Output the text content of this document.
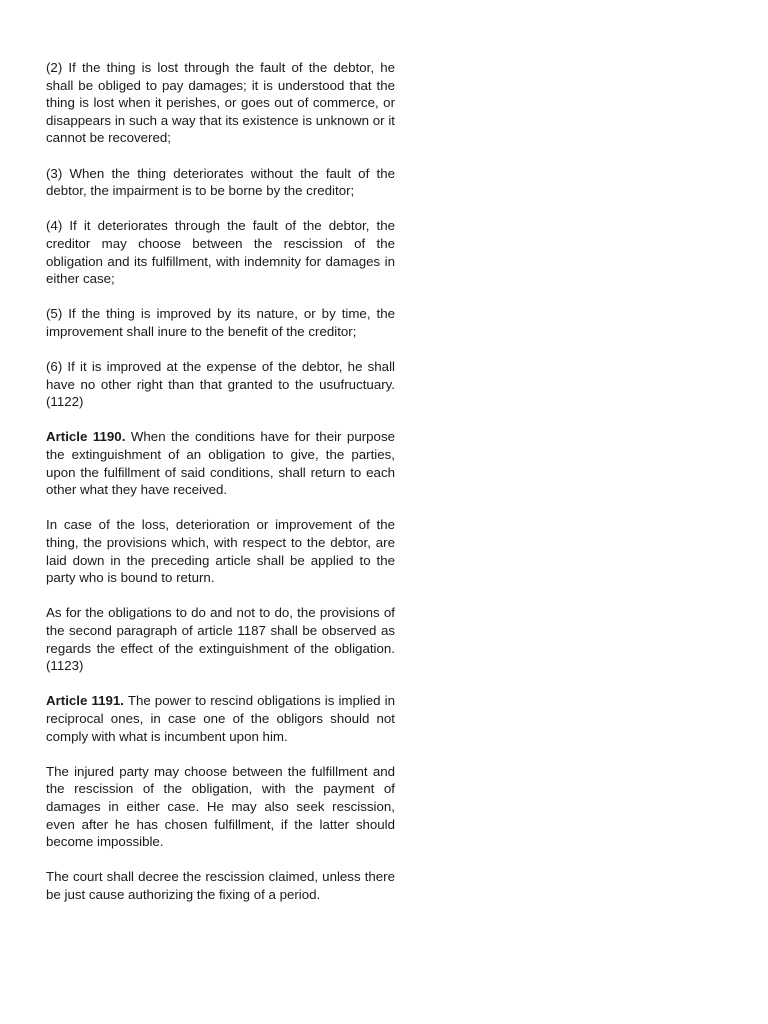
(2) If the thing is lost through the fault of the debtor, he shall be obliged to pay damages; it is understood that the thing is lost when it perishes, or goes out of commerce, or disappears in such a way that its existence is unknown or it cannot be recovered;

(3) When the thing deteriorates without the fault of the debtor, the impairment is to be borne by the creditor;

(4) If it deteriorates through the fault of the debtor, the creditor may choose between the rescission of the obligation and its fulfillment, with indemnity for damages in either case;

(5) If the thing is improved by its nature, or by time, the improvement shall inure to the benefit of the creditor;

(6) If it is improved at the expense of the debtor, he shall have no other right than that granted to the usufructuary. (1122)

Article 1190. When the conditions have for their purpose the extinguishment of an obligation to give, the parties, upon the fulfillment of said conditions, shall return to each other what they have received.

In case of the loss, deterioration or improvement of the thing, the provisions which, with respect to the debtor, are laid down in the preceding article shall be applied to the party who is bound to return.

As for the obligations to do and not to do, the provisions of the second paragraph of article 1187 shall be observed as regards the effect of the extinguishment of the obligation. (1123)

Article 1191. The power to rescind obligations is implied in reciprocal ones, in case one of the obligors should not comply with what is incumbent upon him.

The injured party may choose between the fulfillment and the rescission of the obligation, with the payment of damages in either case. He may also seek rescission, even after he has chosen fulfillment, if the latter should become impossible.

The court shall decree the rescission claimed, unless there be just cause authorizing the fixing of a period.
